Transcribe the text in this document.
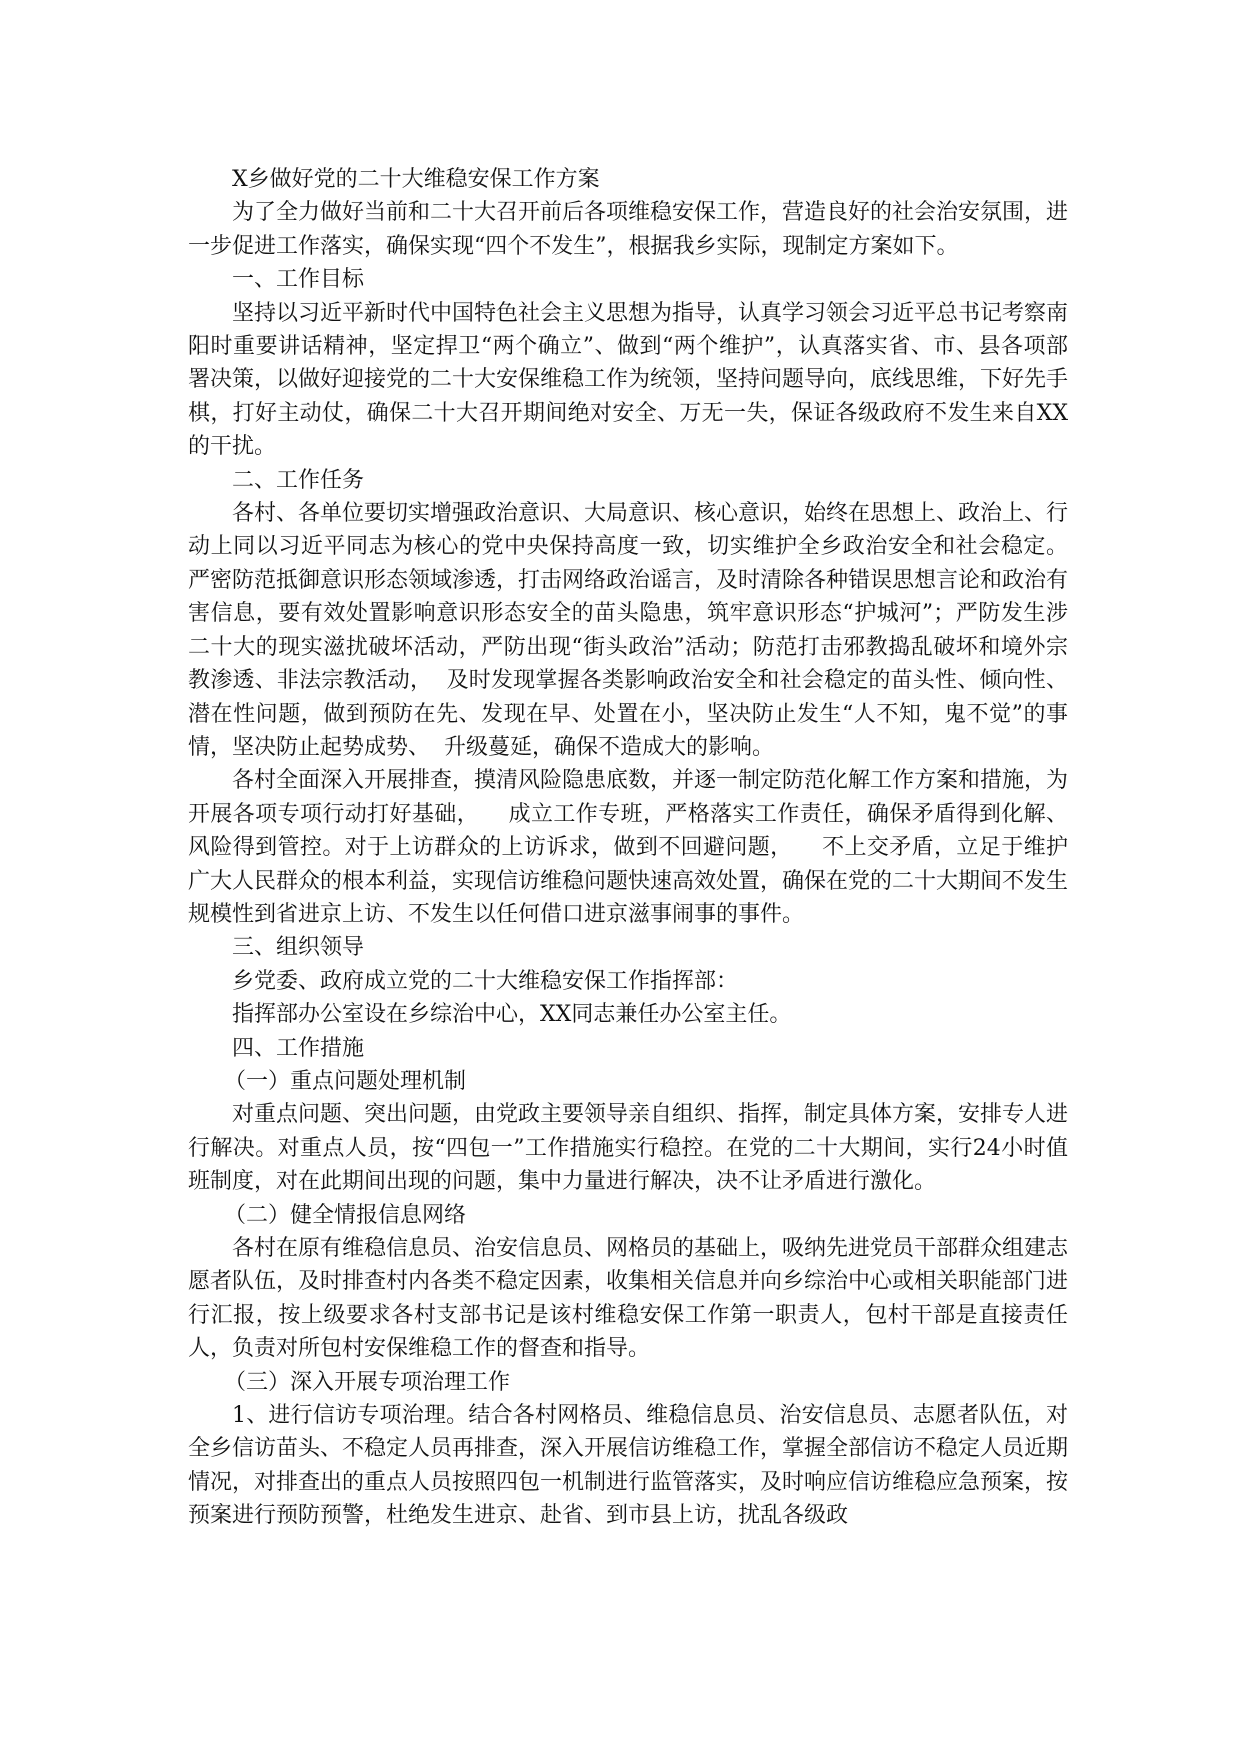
X乡做好党的二十大维稳安保工作方案

为了全力做好当前和二十大召开前后各项维稳安保工作，营造良好的社会治安氛围，进一步促进工作落实，确保实现“四个不发生”，根据我乡实际，现制定方案如下。

一、工作目标

坚持以习近平新时代中国特色社会主义思想为指导，认真学习领会习近平总书记考察南阳时重要讲话精神，坚定捍卫“两个确立”、做到“两个维护”，认真落实省、市、县各项部署决策，以做好迎接党的二十大安保维稳工作为统领，坚持问题导向，底线思维，下好先手棋，打好主动仗，确保二十大召开期间绝对安全、万无一失，保证各级政府不发生来自XX的干扰。

二、工作任务

各村、各单位要切实增强政治意识、大局意识、核心意识，始终在思想上、政治上、行动上同以习近平同志为核心的党中央保持高度一致，切实维护全乡政治安全和社会稳定。   严密防范抵御意识形态领域渗透，打击网络政治谣言，及时清除各种错误思想言论和政治有害信息，要有效处置影响意识形态安全的苗头隐患，筑牢意识形态“护城河”；严防发生涉二十大的现实滋扰破坏活动，严防出现“街头政治”活动；防范打击邪教捣乱破坏和境外宗教渗透、非法宗教活动，  及时发现掌握各类影响政治安全和社会稳定的苗头性、倾向性、潜在性问题，做到预防在先、发现在早、处置在小，坚决防止发生“人不知，鬼不觉”的事情，坚决防止起势成势、  升级蔓延，确保不造成大的影响。

各村全面深入开展排查，摸清风险隐患底数，并逐一制定防范化解工作方案和措施，为开展各项专项行动打好基础，    成立工作专班，严格落实工作责任，确保矛盾得到化解、风险得到管控。对于上访群众的上访诉求，做到不回避问题，    不上交矛盾，立足于维护广大人民群众的根本利益，实现信访维稳问题快速高效处置，确保在党的二十大期间不发生规模性到省进京上访、不发生以任何借口进京滋事闹事的事件。

三、组织领导

乡党委、政府成立党的二十大维稳安保工作指挥部：

指挥部办公室设在乡综治中心，XX同志兼任办公室主任。

四、工作措施

（一）重点问题处理机制

对重点问题、突出问题，由党政主要领导亲自组织、指挥，制定具体方案，安排专人进行解决。对重点人员，按“四包一”工作措施实行稳控。在党的二十大期间，实行24小时值班制度，对在此期间出现的问题，集中力量进行解决，决不让矛盾进行激化。

（二）健全情报信息网络

各村在原有维稳信息员、治安信息员、网格员的基础上，吸纳先进党员干部群众组建志愿者队伍，及时排查村内各类不稳定因素，收集相关信息并向乡综治中心或相关职能部门进行汇报，按上级要求各村支部书记是该村维稳安保工作第一职责人，包村干部是直接责任人，负责对所包村安保维稳工作的督查和指导。

（三）深入开展专项治理工作

1、进行信访专项治理。结合各村网格员、维稳信息员、治安信息员、志愿者队伍，对全乡信访苗头、不稳定人员再排查，深入开展信访维稳工作，掌握全部信访不稳定人员近期情况，对排查出的重点人员按照四包一机制进行监管落实，及时响应信访维稳应急预案，按预案进行预防预警，杜绝发生进京、赴省、到市县上访，扰乱各级政
